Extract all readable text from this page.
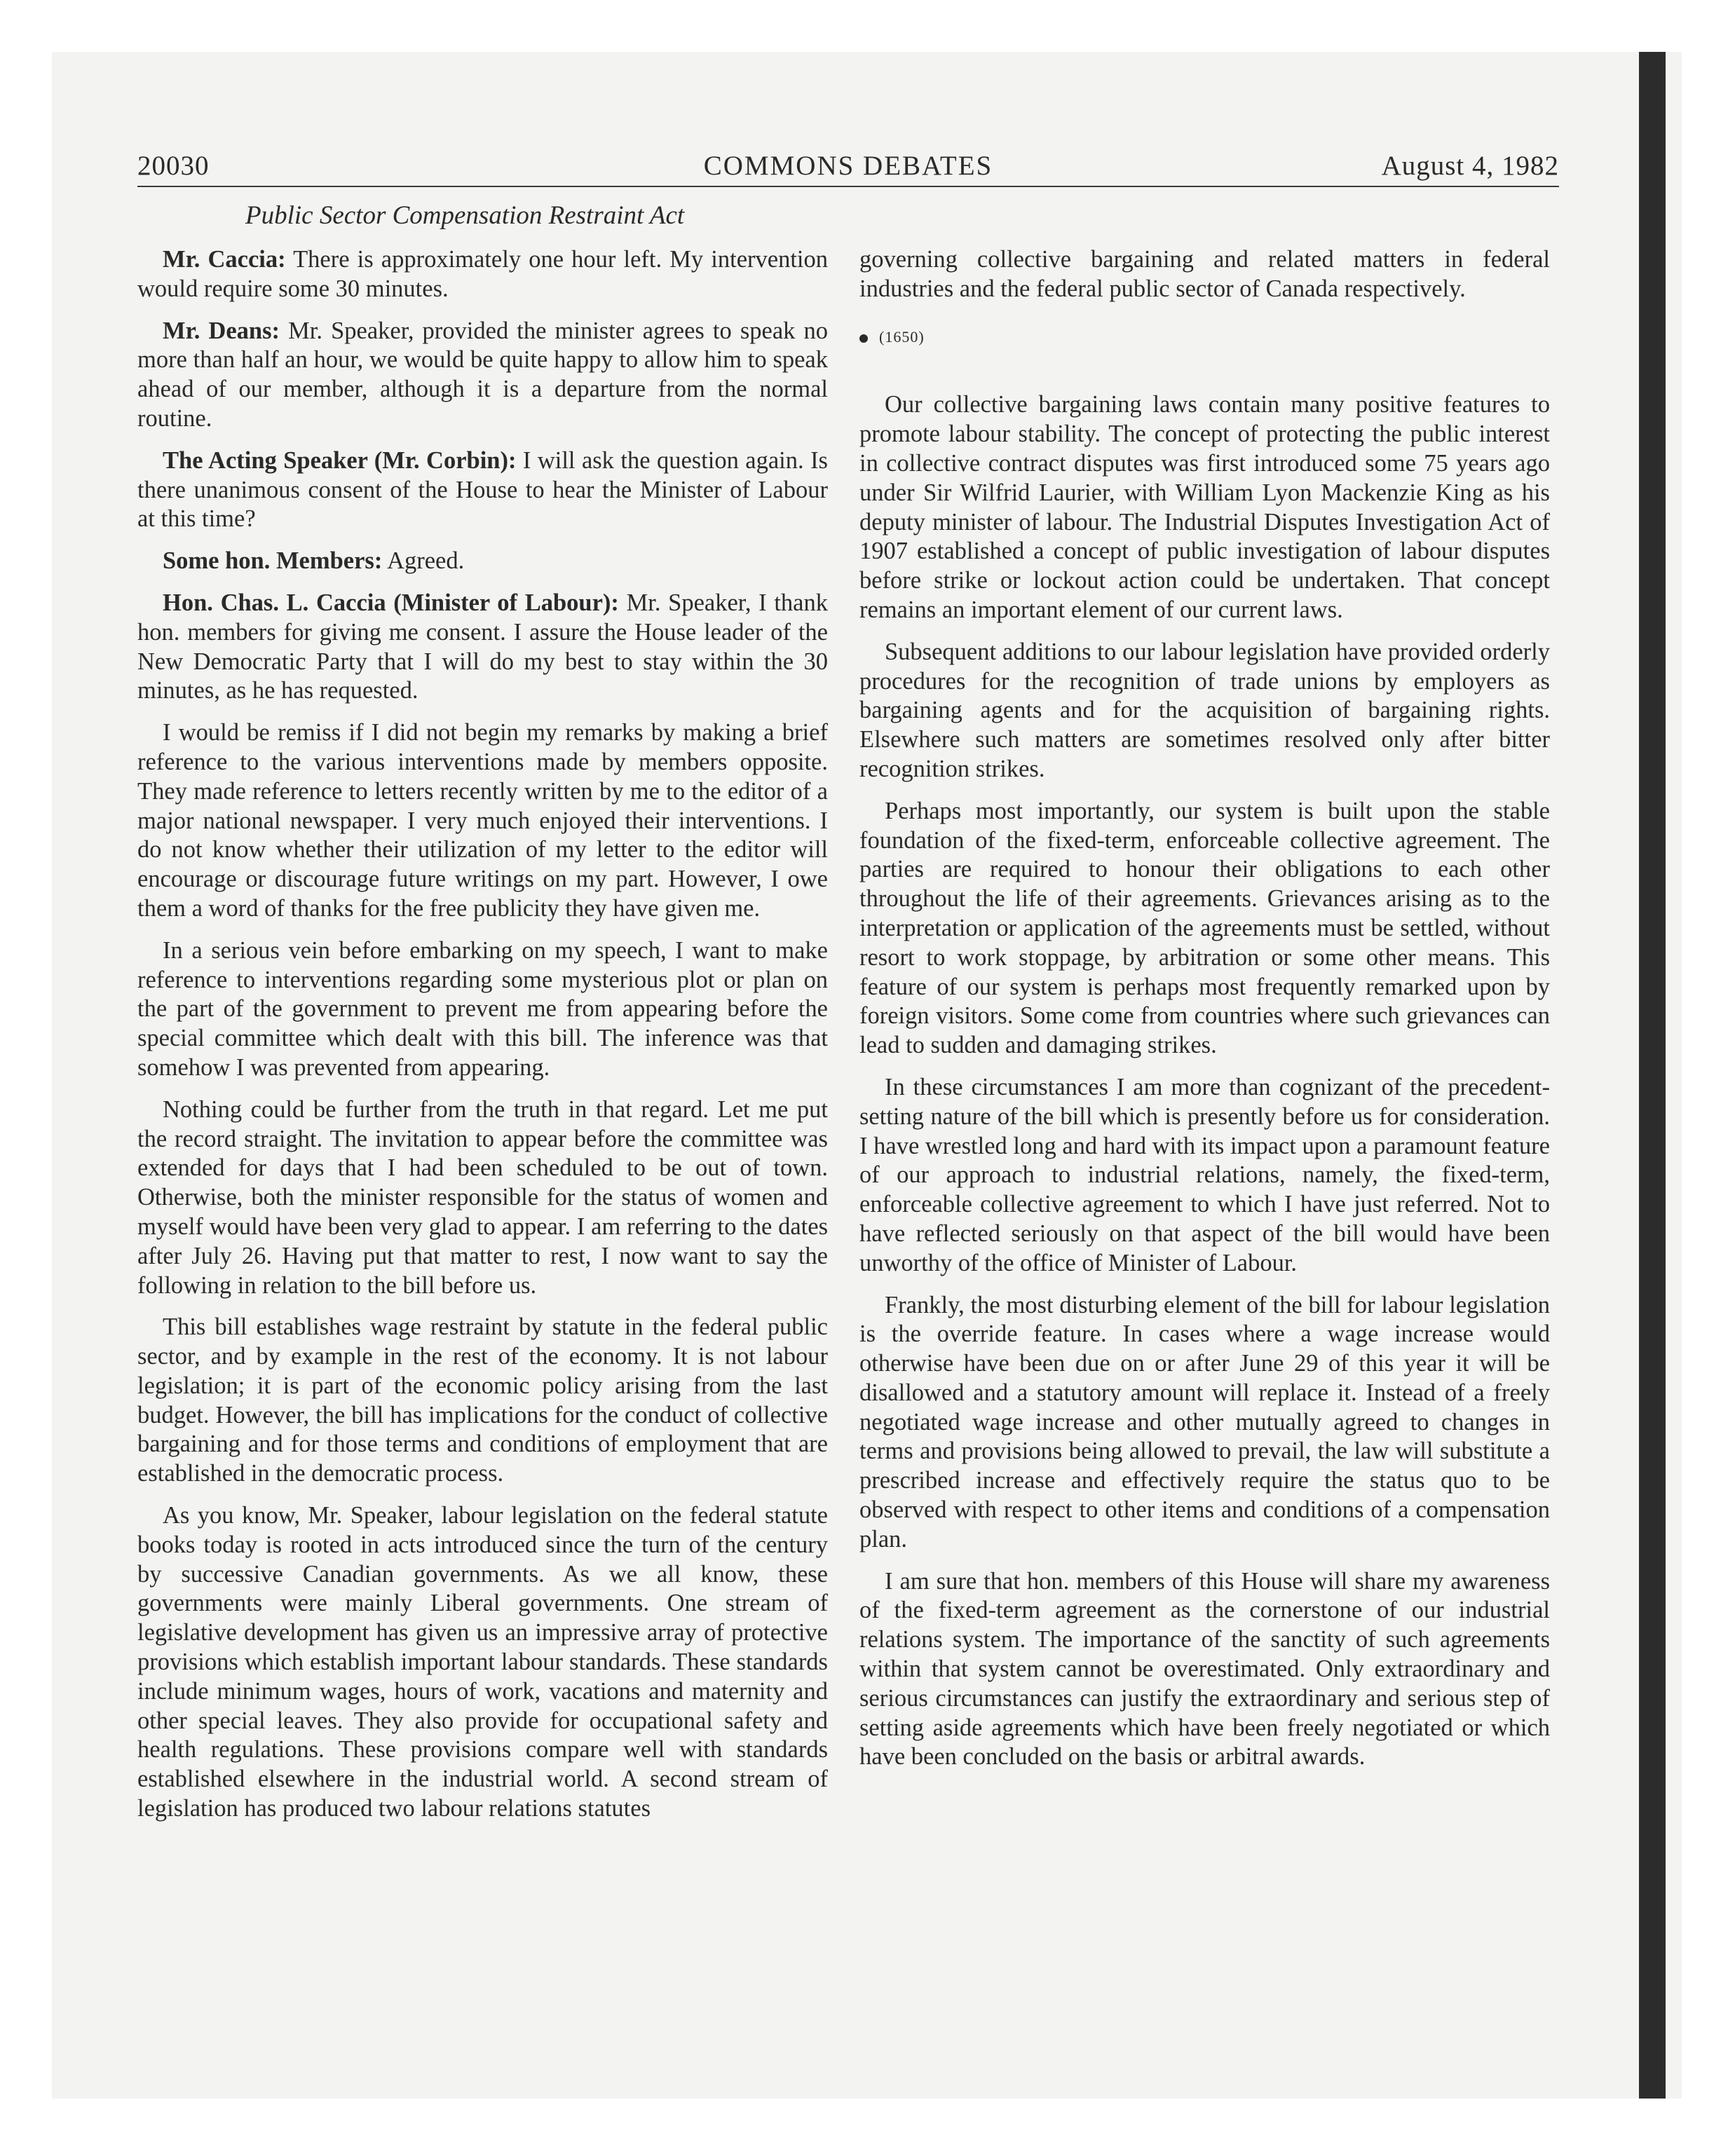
20030	COMMONS DEBATES	August 4, 1982
Public Sector Compensation Restraint Act

Mr. Caccia: There is approximately one hour left. My intervention would require some 30 minutes.

Mr. Deans: Mr. Speaker, provided the minister agrees to speak no more than half an hour, we would be quite happy to allow him to speak ahead of our member, although it is a departure from the normal routine.

The Acting Speaker (Mr. Corbin): I will ask the question again. Is there unanimous consent of the House to hear the Minister of Labour at this time?

Some hon. Members: Agreed.

Hon. Chas. L. Caccia (Minister of Labour): Mr. Speaker, I thank hon. members for giving me consent. I assure the House leader of the New Democratic Party that I will do my best to stay within the 30 minutes, as he has requested.

I would be remiss if I did not begin my remarks by making a brief reference to the various interventions made by members opposite. They made reference to letters recently written by me to the editor of a major national newspaper. I very much enjoyed their interventions. I do not know whether their utilization of my letter to the editor will encourage or discourage future writings on my part. However, I owe them a word of thanks for the free publicity they have given me.

In a serious vein before embarking on my speech, I want to make reference to interventions regarding some mysterious plot or plan on the part of the government to prevent me from appearing before the special committee which dealt with this bill. The inference was that somehow I was prevented from appearing.

Nothing could be further from the truth in that regard. Let me put the record straight. The invitation to appear before the committee was extended for days that I had been scheduled to be out of town. Otherwise, both the minister responsible for the status of women and myself would have been very glad to appear. I am referring to the dates after July 26. Having put that matter to rest, I now want to say the following in relation to the bill before us.

This bill establishes wage restraint by statute in the federal public sector, and by example in the rest of the economy. It is not labour legislation; it is part of the economic policy arising from the last budget. However, the bill has implications for the conduct of collective bargaining and for those terms and conditions of employment that are established in the democratic process.

As you know, Mr. Speaker, labour legislation on the federal statute books today is rooted in acts introduced since the turn of the century by successive Canadian governments. As we all know, these governments were mainly Liberal governments. One stream of legislative development has given us an impressive array of protective provisions which establish important labour standards. These standards include minimum wages, hours of work, vacations and maternity and other special leaves. They also provide for occupational safety and health regulations. These provisions compare well with standards established elsewhere in the industrial world. A second stream of legislation has produced two labour relations statutes

governing collective bargaining and related matters in federal industries and the federal public sector of Canada respectively.

(1650)

Our collective bargaining laws contain many positive features to promote labour stability. The concept of protecting the public interest in collective contract disputes was first introduced some 75 years ago under Sir Wilfrid Laurier, with William Lyon Mackenzie King as his deputy minister of labour. The Industrial Disputes Investigation Act of 1907 established a concept of public investigation of labour disputes before strike or lockout action could be undertaken. That concept remains an important element of our current laws.

Subsequent additions to our labour legislation have provided orderly procedures for the recognition of trade unions by employers as bargaining agents and for the acquisition of bargaining rights. Elsewhere such matters are sometimes resolved only after bitter recognition strikes.

Perhaps most importantly, our system is built upon the stable foundation of the fixed-term, enforceable collective agreement. The parties are required to honour their obligations to each other throughout the life of their agreements. Grievances arising as to the interpretation or application of the agreements must be settled, without resort to work stoppage, by arbitration or some other means. This feature of our system is perhaps most frequently remarked upon by foreign visitors. Some come from countries where such grievances can lead to sudden and damaging strikes.

In these circumstances I am more than cognizant of the precedent-setting nature of the bill which is presently before us for consideration. I have wrestled long and hard with its impact upon a paramount feature of our approach to industrial relations, namely, the fixed-term, enforceable collective agreement to which I have just referred. Not to have reflected seriously on that aspect of the bill would have been unworthy of the office of Minister of Labour.

Frankly, the most disturbing element of the bill for labour legislation is the override feature. In cases where a wage increase would otherwise have been due on or after June 29 of this year it will be disallowed and a statutory amount will replace it. Instead of a freely negotiated wage increase and other mutually agreed to changes in terms and provisions being allowed to prevail, the law will substitute a prescribed increase and effectively require the status quo to be observed with respect to other items and conditions of a compensation plan.

I am sure that hon. members of this House will share my awareness of the fixed-term agreement as the cornerstone of our industrial relations system. The importance of the sanctity of such agreements within that system cannot be overestimated. Only extraordinary and serious circumstances can justify the extraordinary and serious step of setting aside agreements which have been freely negotiated or which have been concluded on the basis or arbitral awards.
